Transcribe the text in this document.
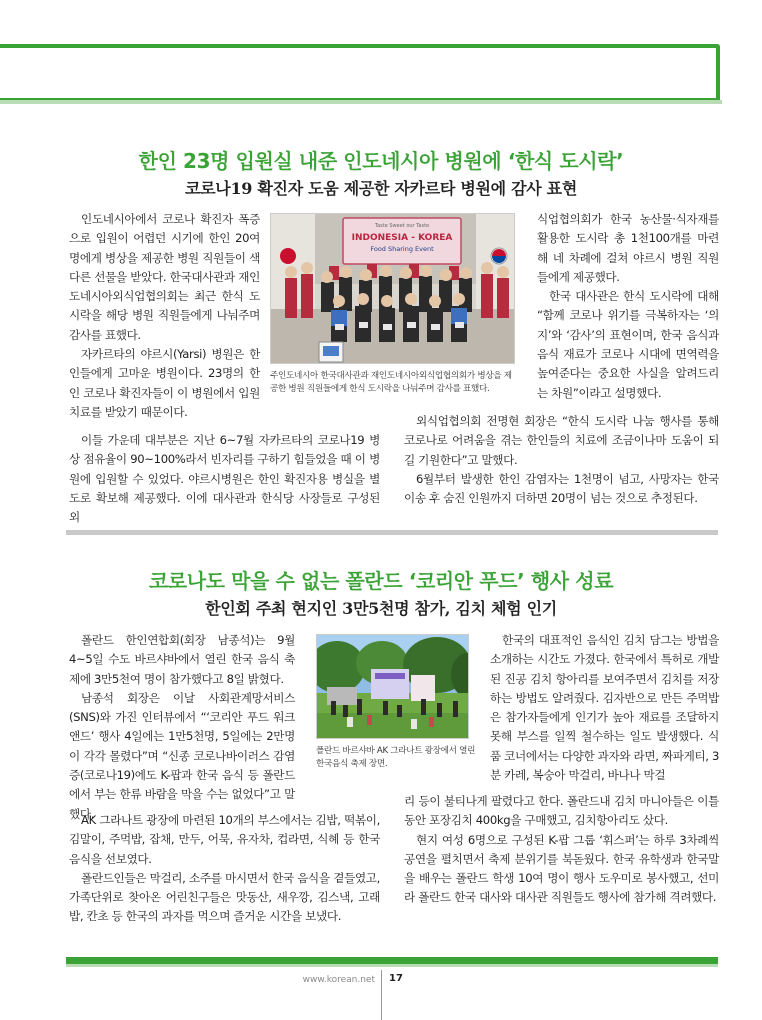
한인 23명 입원실 내준 인도네시아 병원에 ‘한식 도시락’
코로나19 확진자 도움 제공한 자카르타 병원에 감사 표현

인도네시아에서 코로나 확진자 폭증으로 입원이 어렵던 시기에 한인 20여명에게 병상을 제공한 병원 직원들이 색다른 선물을 받았다. 한국대사관과 재인도네시아외식업협의회는 최근 한식 도시락을 해당 병원 직원들에게 나눠주며 감사를 표했다.

자카르타의 야르시(Yarsi) 병원은 한인들에게 고마운 병원이다. 23명의 한인 코로나 확진자들이 이 병원에서 입원 치료를 받았기 때문이다.

Taste Sweet our Taste
INDONESIA - KOREA
Food Sharing Event
주인도네시아 한국대사관과 재인도네시아외식업협의회가 병상을 제공한 병원 직원들에게 한식 도시락을 나눠주며 감사를 표했다.

식업협의회가 한국 농산물·식자재를 활용한 도시락 총 1천100개를 마련해 네 차례에 걸쳐 야르시 병원 직원들에게 제공했다.

한국 대사관은 한식 도시락에 대해 “함께 코로나 위기를 극복하자는 ‘의지’와 ‘감사’의 표현이며, 한국 음식과 음식 재료가 코로나 시대에 면역력을 높여준다는 중요한 사실을 알려드리는 차원”이라고 설명했다.

이들 가운데 대부분은 지난 6~7월 자카르타의 코로나19 병상 점유율이 90~100%라서 빈자리를 구하기 힘들었을 때 이 병원에 입원할 수 있었다. 야르시병원은 한인 확진자용 병실을 별도로 확보해 제공했다. 이에 대사관과 한식당 사장들로 구성된 외

외식업협의회 전명현 회장은 “한식 도시락 나눔 행사를 통해 코로나로 어려움을 겪는 한인들의 치료에 조금이나마 도움이 되길 기원한다”고 말했다.

6월부터 발생한 한인 감염자는 1천명이 넘고, 사망자는 한국 이송 후 숨진 인원까지 더하면 20명이 넘는 것으로 추정된다.

코로나도 막을 수 없는 폴란드 ‘코리안 푸드’ 행사 성료
한인회 주최 현지인 3만5천명 참가, 김치 체험 인기

폴란드 한인연합회(회장 남종석)는 9월 4~5일 수도 바르샤바에서 열린 한국 음식 축제에 3만5천여 명이 참가했다고 8일 밝혔다.

남종석 회장은 이날 사회관계망서비스(SNS)와 가진 인터뷰에서 “‘코리안 푸드 워크앤드’ 행사 4일에는 1만5천명, 5일에는 2만명이 각각 몰렸다”며 “신종 코로나바이러스 감염증(코로나19)에도 K-팝과 한국 음식 등 폴란드에서 부는 한류 바람을 막을 수는 없었다”고 말했다.

폴란드 바르샤바 AK 그라나트 광장에서 열린 한국음식 축제 장면.

한국의 대표적인 음식인 김치 담그는 방법을 소개하는 시간도 가졌다. 한국에서 특허로 개발된 진공 김치 항아리를 보여주면서 김치를 저장하는 방법도 알려줬다. 김자반으로 만든 주먹밥은 참가자들에게 인기가 높아 재료를 조달하지 못해 부스를 일찍 철수하는 일도 발생했다. 식품 코너에서는 다양한 과자와 라면, 짜파게티, 3분 카레, 복숭아 막걸리, 바나나 막걸

AK 그라나트 광장에 마련된 10개의 부스에서는 김밥, 떡볶이, 김말이, 주먹밥, 잡채, 만두, 어묵, 유자차, 컵라면, 식혜 등 한국 음식을 선보였다.

폴란드인들은 막걸리, 소주를 마시면서 한국 음식을 곁들였고, 가족단위로 찾아온 어린친구들은 맛동산, 새우깡, 김스낵, 고래밥, 칸초 등 한국의 과자를 먹으며 즐거운 시간을 보냈다.

리 등이 불티나게 팔렸다고 한다. 폴란드내 김치 마니아들은 이틀동안 포장김치 400kg을 구매했고, 김치항아리도 샀다.

현지 여성 6명으로 구성된 K-팝 그룹 ‘휘스퍼’는 하루 3차례씩 공연을 펼치면서 축제 분위기를 북돋웠다. 한국 유학생과 한국말을 배우는 폴란드 학생 10여 명이 행사 도우미로 봉사했고, 선미라 폴란드 한국 대사와 대사관 직원들도 행사에 참가해 격려했다.

www.korean.net 17
